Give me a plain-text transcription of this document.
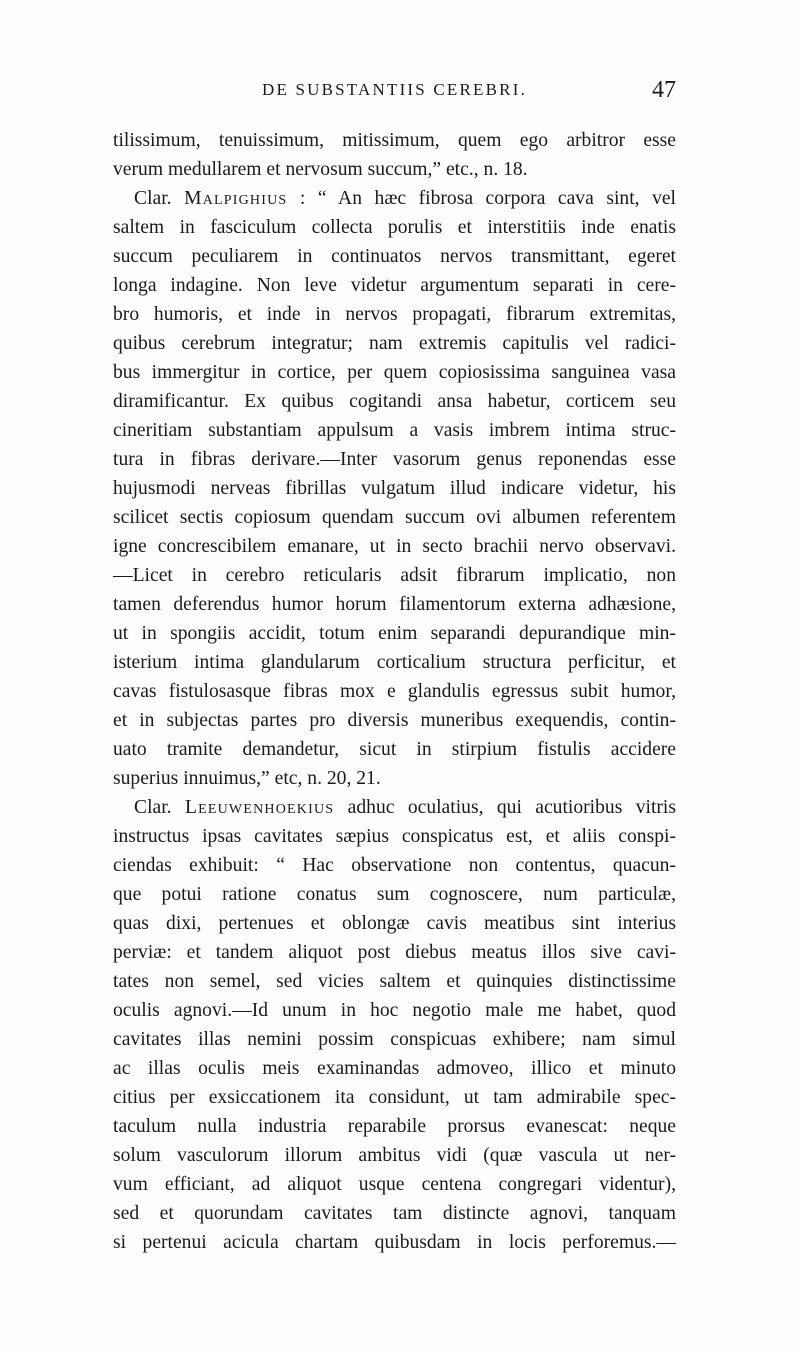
DE SUBSTANTIIS CEREBRI.	47
tilissimum, tenuissimum, mitissimum, quem ego arbitror esse
verum medullarem et nervosum succum,” etc., n. 18.
Clar. Malpighius : “ An hæc fibrosa corpora cava sint, vel
saltem in fasciculum collecta porulis et interstitiis inde enatis
succum peculiarem in continuatos nervos transmittant, egeret
longa indagine. Non leve videtur argumentum separati in cere-
bro humoris, et inde in nervos propagati, fibrarum extremitas,
quibus cerebrum integratur; nam extremis capitulis vel radici-
bus immergitur in cortice, per quem copiosissima sanguinea vasa
diramificantur. Ex quibus cogitandi ansa habetur, corticem seu
cineritiam substantiam appulsum a vasis imbrem intima struc-
tura in fibras derivare.—Inter vasorum genus reponendas esse
hujusmodi nerveas fibrillas vulgatum illud indicare videtur, his
scilicet sectis copiosum quendam succum ovi albumen referentem
igne concrescibilem emanare, ut in secto brachii nervo observavi.
—Licet in cerebro reticularis adsit fibrarum implicatio, non
tamen deferendus humor horum filamentorum externa adhæsione,
ut in spongiis accidit, totum enim separandi depurandique min-
isterium intima glandularum corticalium structura perficitur, et
cavas fistulosasque fibras mox e glandulis egressus subit humor,
et in subjectas partes pro diversis muneribus exequendis, contin-
uato tramite demandetur, sicut in stirpium fistulis accidere
superius innuimus,” etc, n. 20, 21.
Clar. Leeuwenhoekius adhuc oculatius, qui acutioribus vitris
instructus ipsas cavitates sæpius conspicatus est, et aliis conspi-
ciendas exhibuit: “ Hac observatione non contentus, quacun-
que potui ratione conatus sum cognoscere, num particulæ,
quas dixi, pertenues et oblongæ cavis meatibus sint interius
perviæ: et tandem aliquot post diebus meatus illos sive cavi-
tates non semel, sed vicies saltem et quinquies distinctissime
oculis agnovi.—Id unum in hoc negotio male me habet, quod
cavitates illas nemini possim conspicuas exhibere; nam simul
ac illas oculis meis examinandas admoveo, illico et minuto
citius per exsiccationem ita considunt, ut tam admirabile spec-
taculum nulla industria reparabile prorsus evanescat: neque
solum vasculorum illorum ambitus vidi (quæ vascula ut ner-
vum efficiant, ad aliquot usque centena congregari videntur),
sed et quorundam cavitates tam distincte agnovi, tanquam
si pertenui acicula chartam quibusdam in locis perforemus.—
